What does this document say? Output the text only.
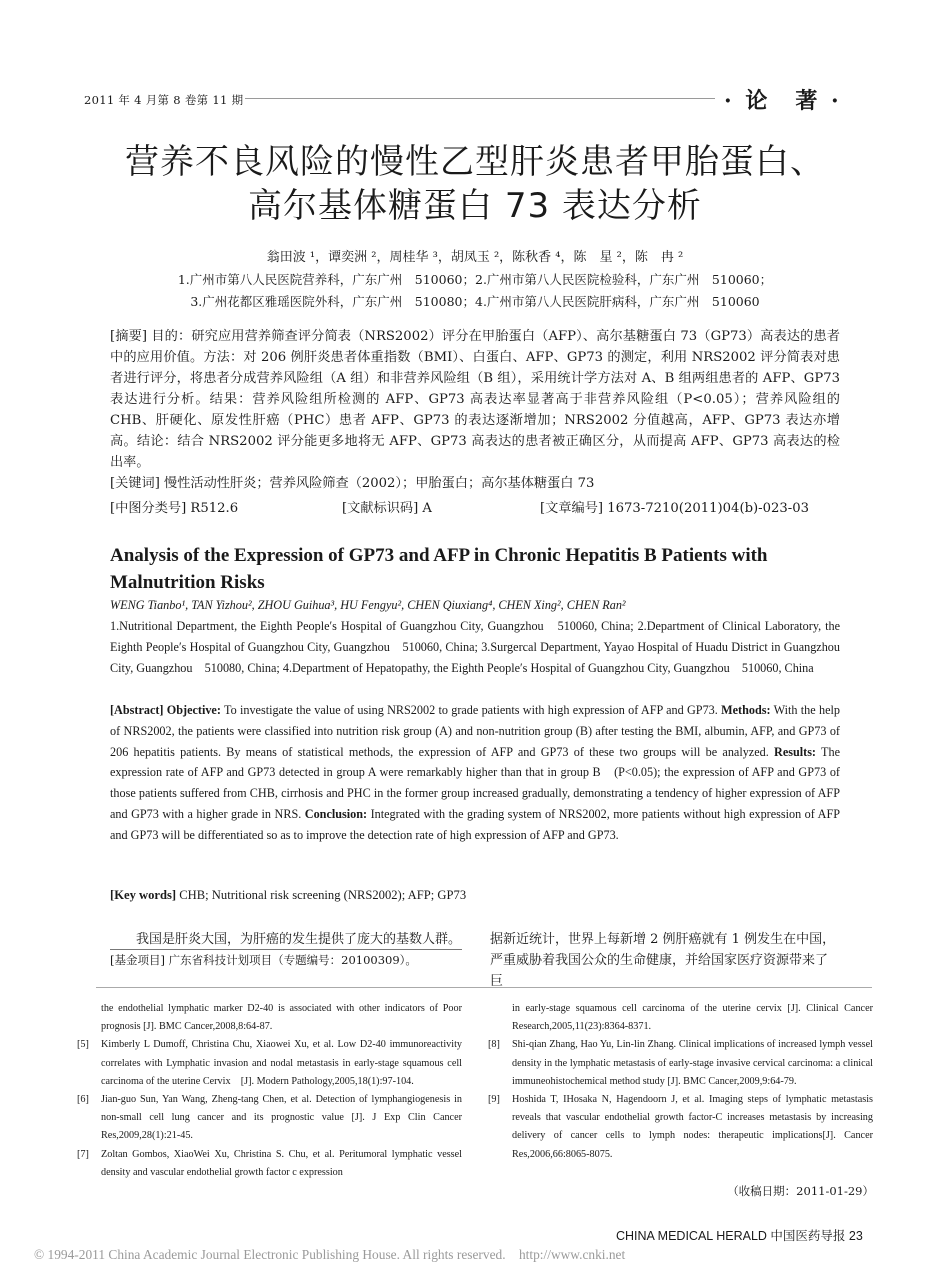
2011 年 4 月第 8 卷第 11 期	· 论　著 ·
营养不良风险的慢性乙型肝炎患者甲胎蛋白、
高尔基体糖蛋白 73 表达分析
翁田波 ¹，谭奕洲 ²，周桂华 ³，胡凤玉 ²，陈秋香 ⁴，陈　星 ²，陈　冉 ²
1.广州市第八人民医院营养科，广东广州　510060；2.广州市第八人民医院检验科，广东广州　510060；
3.广州花都区雅瑶医院外科，广东广州　510080；4.广州市第八人民医院肝病科，广东广州　510060

[摘要] 目的：研究应用营养筛查评分简表（NRS2002）评分在甲胎蛋白（AFP）、高尔基糖蛋白 73（GP73）高表达的患者中的应用价值。方法：对 206 例肝炎患者体重指数（BMI）、白蛋白、AFP、GP73 的测定，利用 NRS2002 评分简表对患者进行评分，将患者分成营养风险组（A 组）和非营养风险组（B 组），采用统计学方法对 A、B 组两组患者的 AFP、GP73 表达进行分析。结果：营养风险组所检测的 AFP、GP73 高表达率显著高于非营养风险组（P<0.05）；营养风险组的 CHB、肝硬化、原发性肝癌（PHC）患者 AFP、GP73 的表达逐渐增加；NRS2002 分值越高，AFP、GP73 表达亦增高。结论：结合 NRS2002 评分能更多地将无 AFP、GP73 高表达的患者被正确区分，从而提高 AFP、GP73 高表达的检出率。

[关键词] 慢性活动性肝炎；营养风险筛查（2002）；甲胎蛋白；高尔基体糖蛋白 73

[中图分类号] R512.6	[文献标识码] A	[文章编号] 1673-7210(2011)04(b)-023-03
Analysis of the Expression of GP73 and AFP in Chronic Hepatitis B Patients with Malnutrition Risks
WENG Tianbo¹, TAN Yizhou², ZHOU Guihua³, HU Fengyu², CHEN Qiuxiang⁴, CHEN Xing², CHEN Ran²
1.Nutritional Department, the Eighth People′s Hospital of Guangzhou City, Guangzhou　510060, China; 2.Department of Clinical Laboratory, the Eighth People′s Hospital of Guangzhou City, Guangzhou　510060, China; 3.Surgercal Department, Yayao Hospital of Huadu District in Guangzhou City, Guangzhou　510080, China; 4.Department of Hepatopathy, the Eighth People′s Hospital of Guangzhou City, Guangzhou　510060, China

[Abstract] Objective: To investigate the value of using NRS2002 to grade patients with high expression of AFP and GP73. Methods: With the help of NRS2002, the patients were classified into nutrition risk group (A) and non-nutrition group (B) after testing the BMI, albumin, AFP, and GP73 of 206 hepatitis patients. By means of statistical methods, the expression of AFP and GP73 of these two groups will be analyzed. Results: The expression rate of AFP and GP73 detected in group A were remarkably higher than that in group B　(P<0.05); the expression of AFP and GP73 of those patients suffered from CHB, cirrhosis and PHC in the former group increased gradually, demonstrating a tendency of higher expression of AFP and GP73 with a higher grade in NRS. Conclusion: Integrated with the grading system of NRS2002, more patients without high expression of AFP and GP73 will be differentiated so as to improve the detection rate of high expression of AFP and GP73.

[Key words] CHB; Nutritional risk screening (NRS2002); AFP; GP73
　　我国是肝炎大国，为肝癌的发生提供了庞大的基数人群。 据新近统计，世界上每新增 2 例肝癌就有 1 例发生在中国，严重威胁着我国公众的生命健康，并给国家医疗资源带来了巨
[基金项目] 广东省科技计划项目（专题编号：20100309）。
the endothelial lymphatic marker D2-40 is associated with other indicators of Poor prognosis [J]. BMC Cancer,2008,8:64-87.
[5]	Kimberly L Dumoff, Christina Chu, Xiaowei Xu, et al. Low D2-40 immunoreactivity correlates with Lymphatic invasion and nodal metastasis in early-stage squamous cell carcinoma of the uterine Cervix　[J]. Modern Pathology,2005,18(1):97-104.
[6]	Jian-guo Sun, Yan Wang, Zheng-tang Chen, et al. Detection of lymphangiogenesis in non-small cell lung cancer and its prognostic value [J]. J Exp Clin Cancer Res,2009,28(1):21-45.
[7]	Zoltan Gombos, XiaoWei Xu, Christina S. Chu, et al. Peritumoral lymphatic vessel density and vascular endothelial growth factor c expression
in early-stage squamous cell carcinoma of the uterine cervix [J]. Clinical Cancer Research,2005,11(23):8364-8371.
[8]	Shi-qian Zhang, Hao Yu, Lin-lin Zhang. Clinical implications of increased lymph vessel density in the lymphatic metastasis of early-stage invasive cervical carcinoma: a clinical immuneohistochemical method study [J]. BMC Cancer,2009,9:64-79.
[9]	Hoshida T, IHosaka N, Hagendoorn J, et al. Imaging steps of lymphatic metastasis reveals that vascular endothelial growth factor-C increases metastasis by increasing delivery of cancer cells to lymph nodes: therapeutic implications[J]. Cancer Res,2006,66:8065-8075.
（收稿日期：2011-01-29）
CHINA MEDICAL HERALD 中国医药导报 23
© 1994-2011 China Academic Journal Electronic Publishing House. All rights reserved.　http://www.cnki.net
